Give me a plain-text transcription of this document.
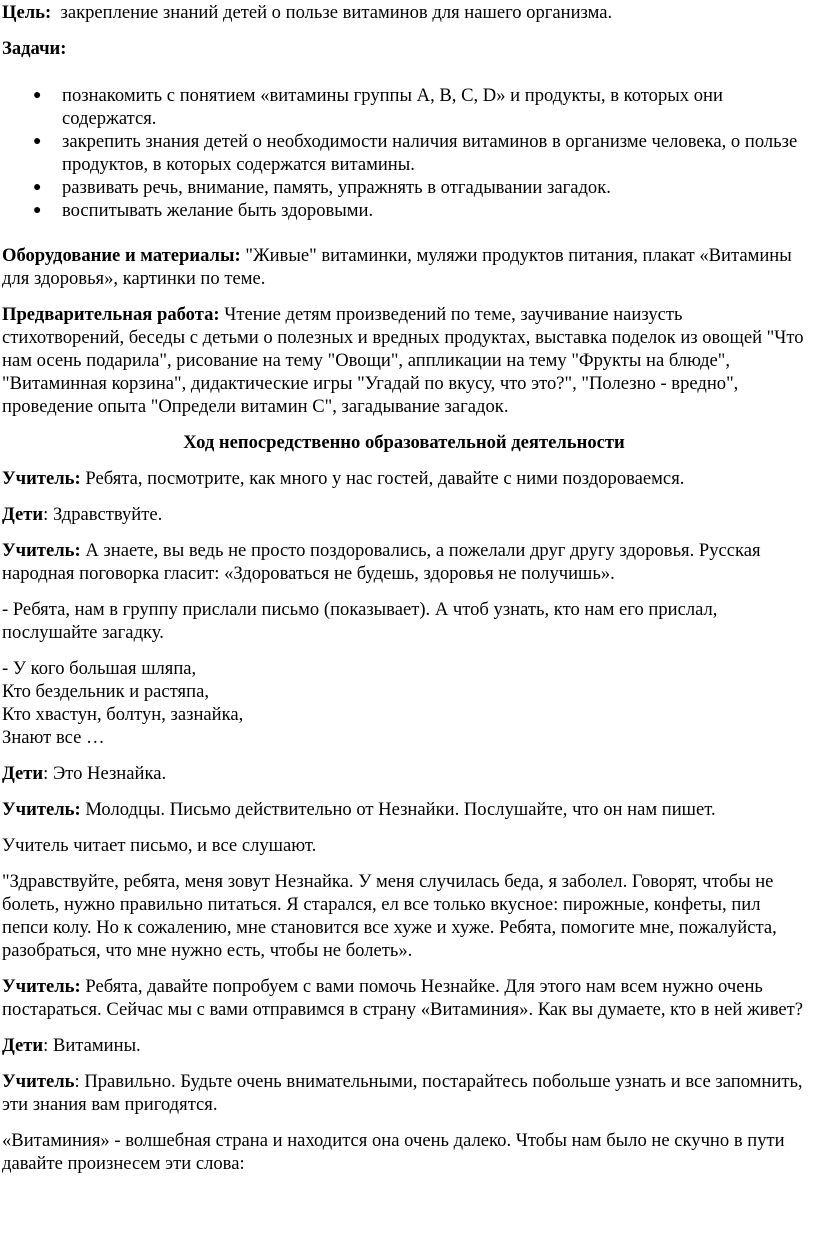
Цель: закрепление знаний детей о пользе витаминов для нашего организма.

Задачи:

● познакомить с понятием «витамины группы А, В, С, D» и продукты, в которых они содержатся.
● закрепить знания детей о необходимости наличия витаминов в организме человека, о пользе продуктов, в которых содержатся витамины.
● развивать речь, внимание, память, упражнять в отгадывании загадок.
● воспитывать желание быть здоровыми.

Оборудование и материалы: "Живые" витаминки, муляжи продуктов питания, плакат «Витамины для здоровья», картинки по теме.

Предварительная работа: Чтение детям произведений по теме, заучивание наизусть стихотворений, беседы с детьми о полезных и вредных продуктах, выставка поделок из овощей "Что нам осень подарила", рисование на тему "Овощи", аппликации на тему "Фрукты на блюде", "Витаминная корзина", дидактические игры "Угадай по вкусу, что это?", "Полезно - вредно", проведение опыта "Определи витамин С", загадывание загадок.

Ход непосредственно образовательной деятельности

Учитель: Ребята, посмотрите, как много у нас гостей, давайте с ними поздороваемся.

Дети: Здравствуйте.

Учитель: А знаете, вы ведь не просто поздоровались, а пожелали друг другу здоровья. Русская народная поговорка гласит: «Здороваться не будешь, здоровья не получишь».

- Ребята, нам в группу прислали письмо (показывает). А чтоб узнать, кто нам его прислал, послушайте загадку.

- У кого большая шляпа,
Кто бездельник и растяпа,
Кто хвастун, болтун, зазнайка,
Знают все …

Дети: Это Незнайка.

Учитель: Молодцы. Письмо действительно от Незнайки. Послушайте, что он нам пишет.

Учитель читает письмо, и все слушают.

"Здравствуйте, ребята, меня зовут Незнайка. У меня случилась беда, я заболел. Говорят, чтобы не болеть, нужно правильно питаться. Я старался, ел все только вкусное: пирожные, конфеты, пил пепси колу. Но к сожалению, мне становится все хуже и хуже. Ребята, помогите мне, пожалуйста, разобраться, что мне нужно есть, чтобы не болеть».

Учитель: Ребята, давайте попробуем с вами помочь Незнайке. Для этого нам всем нужно очень постараться. Сейчас мы с вами отправимся в страну «Витаминия». Как вы думаете, кто в ней живет?

Дети: Витамины.

Учитель: Правильно. Будьте очень внимательными, постарайтесь побольше узнать и все запомнить, эти знания вам пригодятся.

«Витаминия» - волшебная страна и находится она очень далеко. Чтобы нам было не скучно в пути давайте произнесем эти слова:
